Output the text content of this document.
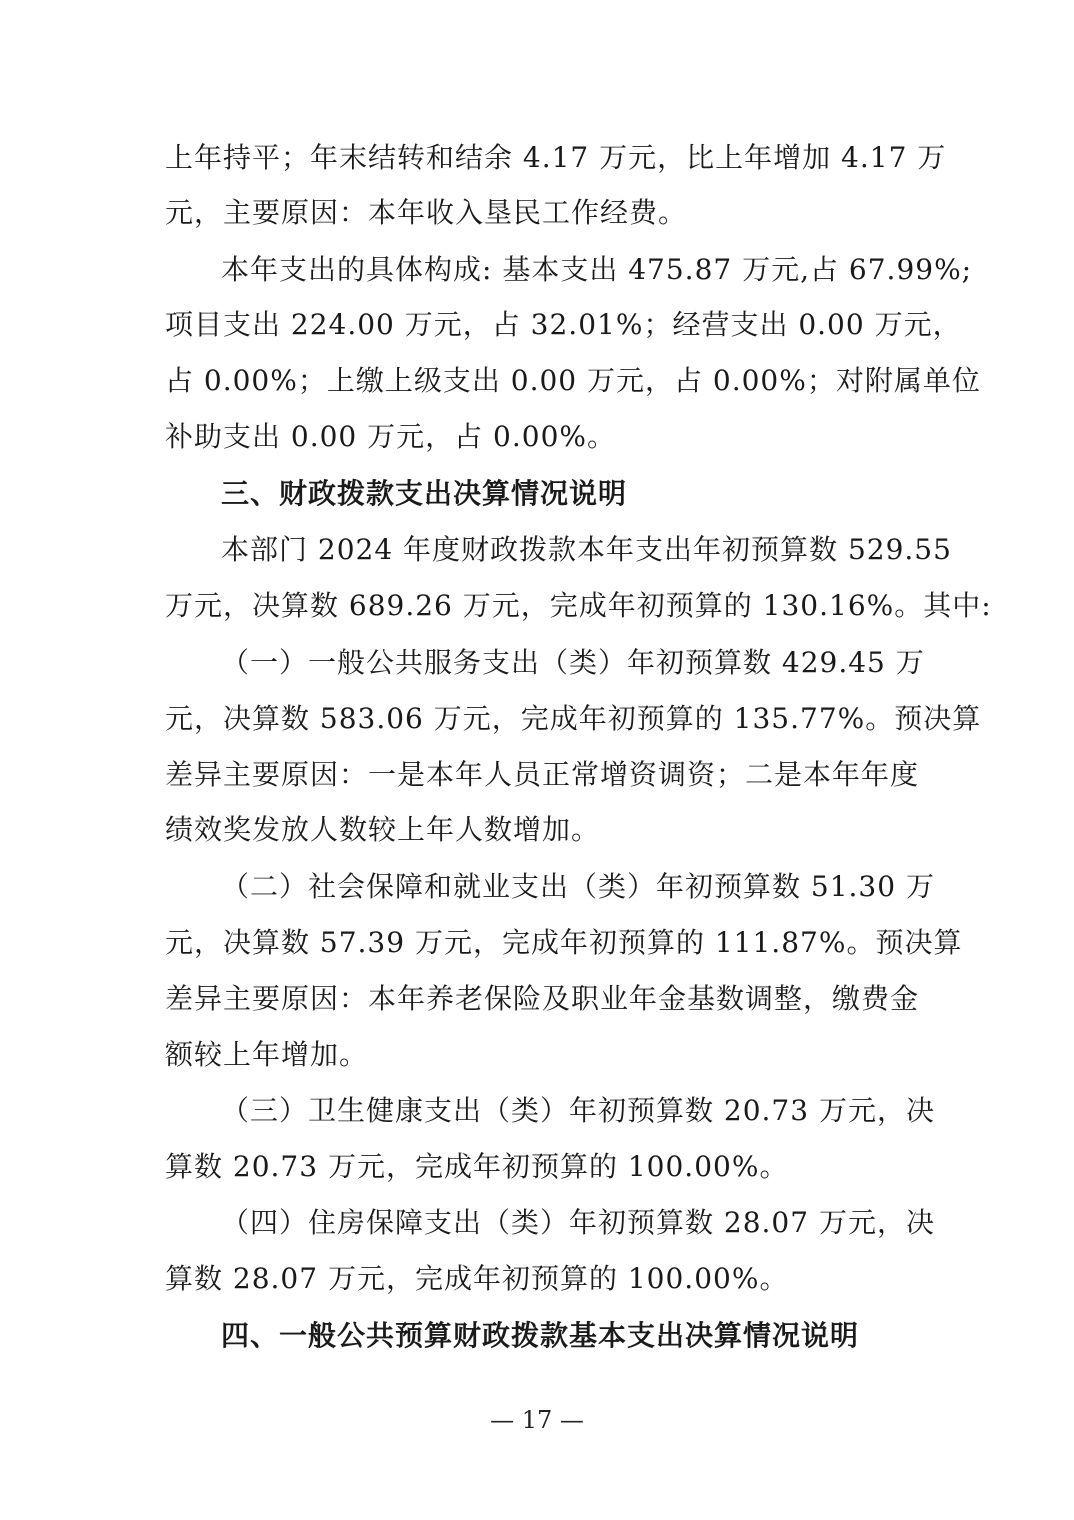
上年持平；年末结转和结余 4.17 万元，比上年增加 4.17 万
元，主要原因：本年收入垦民工作经费。
本年支出的具体构成: 基本支出 475.87 万元,占 67.99%;
项目支出 224.00 万元，占 32.01%；经营支出 0.00 万元，
占 0.00%；上缴上级支出 0.00 万元，占 0.00%；对附属单位
补助支出 0.00 万元，占 0.00%。
三、财政拨款支出决算情况说明
本部门 2024 年度财政拨款本年支出年初预算数 529.55
万元，决算数 689.26 万元，完成年初预算的 130.16%。其中:
（一）一般公共服务支出（类）年初预算数 429.45 万
元，决算数 583.06 万元，完成年初预算的 135.77%。预决算
差异主要原因：一是本年人员正常增资调资；二是本年年度
绩效奖发放人数较上年人数增加。
（二）社会保障和就业支出（类）年初预算数 51.30 万
元，决算数 57.39 万元，完成年初预算的 111.87%。预决算
差异主要原因：本年养老保险及职业年金基数调整，缴费金
额较上年增加。
（三）卫生健康支出（类）年初预算数 20.73 万元，决
算数 20.73 万元，完成年初预算的 100.00%。
（四）住房保障支出（类）年初预算数 28.07 万元，决
算数 28.07 万元，完成年初预算的 100.00%。
四、一般公共预算财政拨款基本支出决算情况说明
— 17 —
